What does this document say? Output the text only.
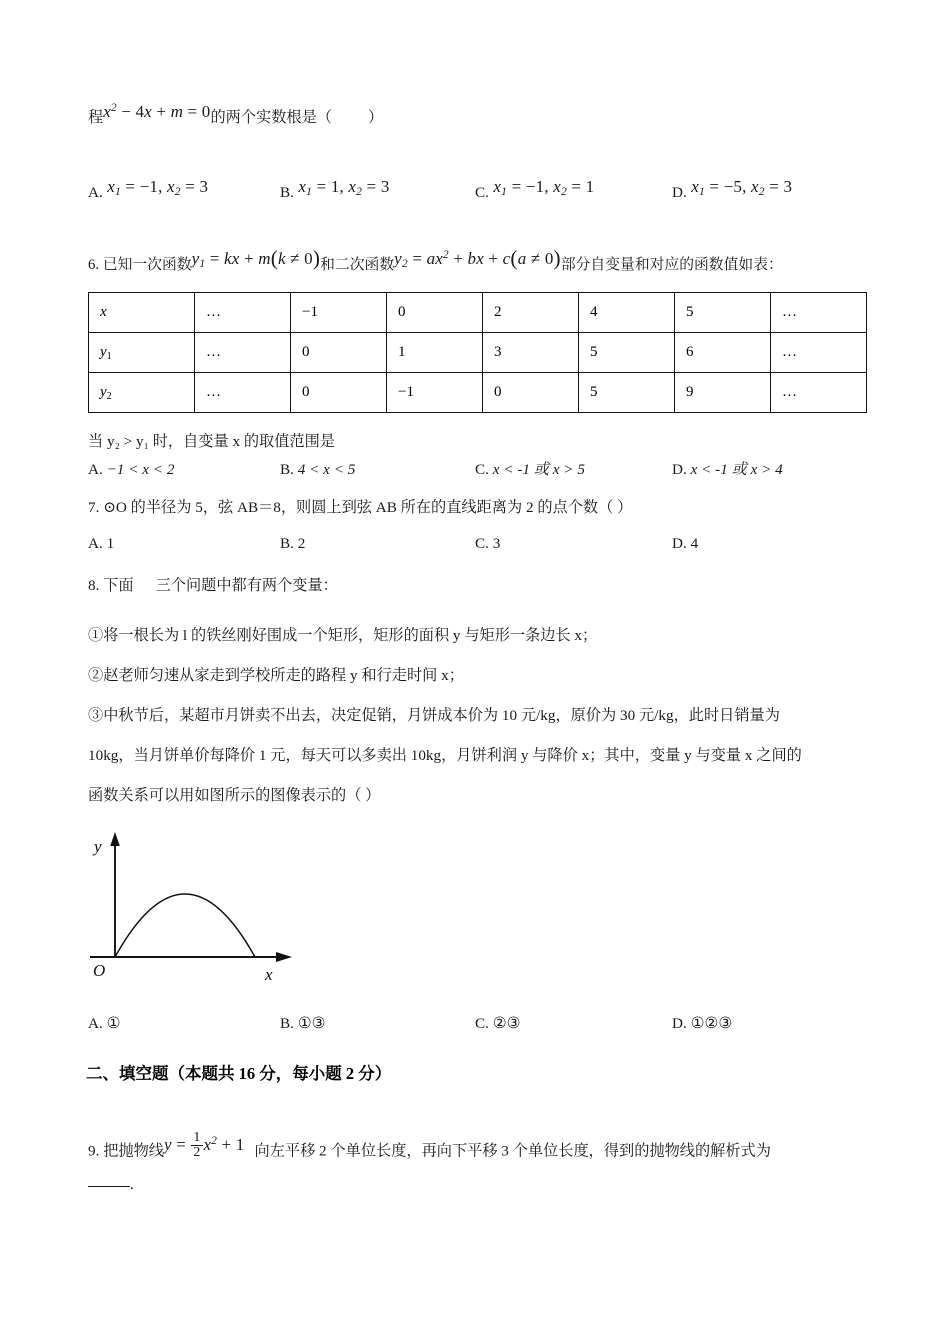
程$x^2 - 4x + m = 0$的两个实数根是（ ）
A. $x_1 = -1$, $x_2 = 3$	B. $x_1 = 1$, $x_2 = 3$	C. $x_1 = -1$, $x_2 = 1$	D. $x_1 = -5$, $x_2 = 3$
6. 已知一次函数$y_1$ = kx + m(k ≠ 0)和二次函数$y_2 = ax^2$ + bx + c(a ≠ 0)部分自变量和对应的函数值如表：
x	…	−1	0	2	4	5	…
$y_1$	…	0	1	3	5	6	…
$y_2$	…	0	−1	0	5	9	…
当 y₂ > y₁ 时，自变量 x 的取值范围是
A. −1 < x < 2	B. 4 < x < 5	C. x < -1 或 x > 5	D. x < -1 或 x > 4
7. ⊙O 的半径为 5，弦 AB＝8，则圆上到弦 AB 所在的直线距离为 2 的点个数（ ）
A. 1	B. 2	C. 3	D. 4
8. 下面 三个问题中都有两个变量：
①将一根长为 l 的铁丝刚好围成一个矩形，矩形的面积 y 与矩形一条边长 x；
②赵老师匀速从家走到学校所走的路程 y 和行走时间 x；
③中秋节后，某超市月饼卖不出去，决定促销，月饼成本价为 10 元/kg，原价为 30 元/kg，此时日销量为
10kg，当月饼单价每降价 1 元，每天可以多卖出 10kg，月饼利润 y 与降价 x；其中，变量 y 与变量 x 之间的
函数关系可以用如图所示的图像表示的（ ）
y
x
O
A. ①	B. ①③	C. ②③	D. ①②③
二、填空题（本题共 16 分，每小题 2 分）
9. 把抛物线$y = \frac{1}{2} x^2 + 1$ 向左平移 2 个单位长度，再向下平移 3 个单位长度，得到的抛物线的解析式为
.
